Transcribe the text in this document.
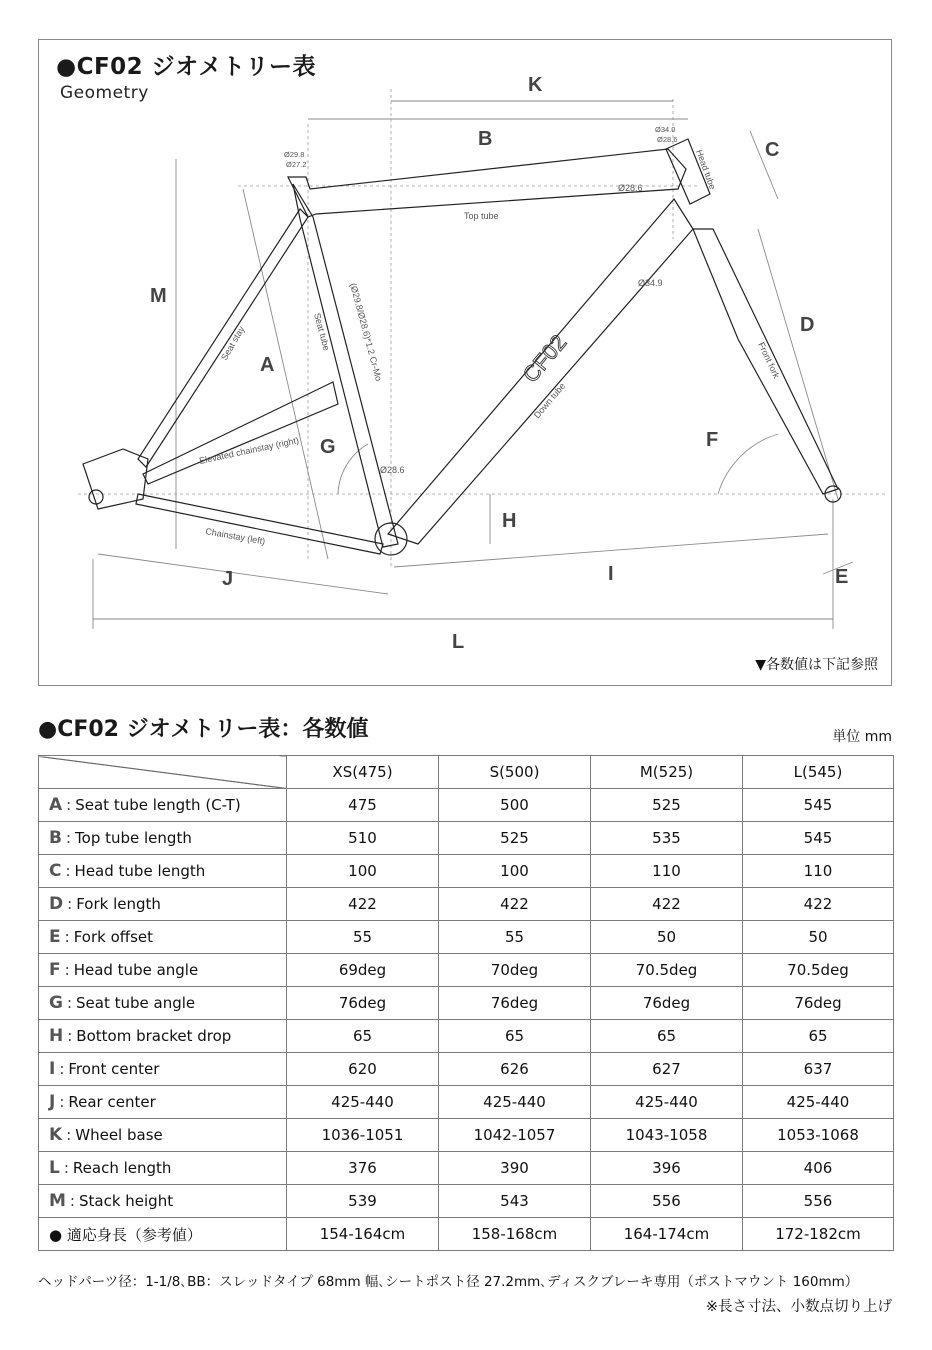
●CF02 ジオメトリー表
Geometry	K
B	C
M
A
D
F
G
H
I
J	E
L
Top tube
Head tube
Seat tube
Seat stay
Down tube
Front fork
Elevated chainstay (right)
Chainstay (left)
(Ø29.8/Ø28.6)*1.2 Cr-Mo	CF02
Ø29.8
Ø27.2
Ø34.0
Ø28.6
Ø28.6
Ø34.9
Ø28.6
▼各数値は下記参照
●CF02 ジオメトリー表：各数値	単位 mm
	XS(475)	S(500)	M(525)	L(545)
A : Seat tube length (C-T)	475	500	525	545
B : Top tube length	510	525	535	545
C : Head tube length	100	100	110	110
D : Fork length	422	422	422	422
E : Fork offset	55	55	50	50
F : Head tube angle	69deg	70deg	70.5deg	70.5deg
G : Seat tube angle	76deg	76deg	76deg	76deg
H : Bottom bracket drop	65	65	65	65
I : Front center	620	626	627	637
J : Rear center	425-440	425-440	425-440	425-440
K : Wheel base	1036-1051	1042-1057	1043-1058	1053-1068
L : Reach length	376	390	396	406
M : Stack height	539	543	556	556
● 適応身長（参考値）	154-164cm	158-168cm	164-174cm	172-182cm
ヘッドパーツ径：1-1/8､BB：スレッドタイプ 68mm 幅､シートポスト径 27.2mm､ディスクブレーキ専用（ポストマウント 160mm）
※長さ寸法、小数点切り上げ
